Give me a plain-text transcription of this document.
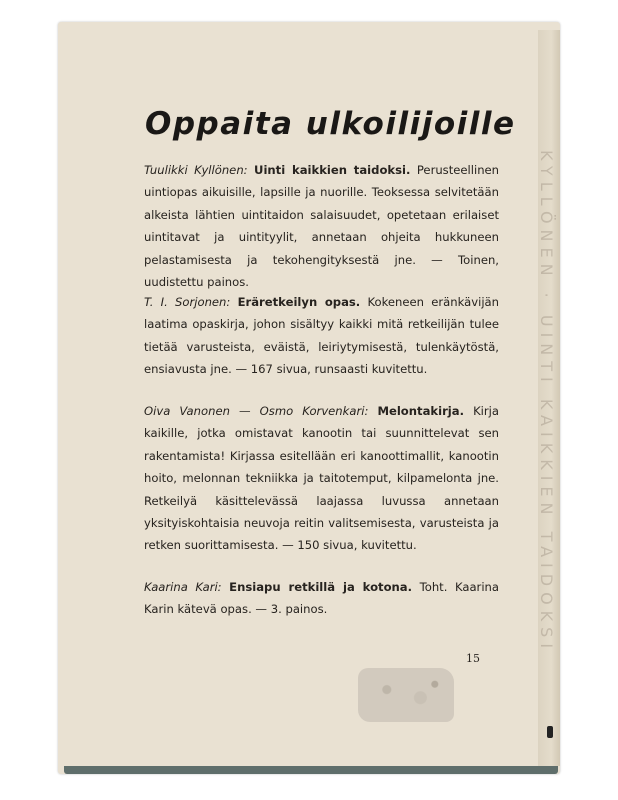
KYLLÖNEN · UINTI KAIKKIEN TAIDOKSI
Oppaita ulkoilijoille

Tuulikki Kyllönen: Uinti kaikkien taidoksi. Perusteellinen uintiopas aikuisille, lapsille ja nuorille. Teoksessa selvitetään alkeista lähtien uintitaidon salaisuudet, opetetaan erilaiset uintitavat ja uintityylit, annetaan ohjeita hukkuneen pelastamisesta ja tekohengityksestä jne. — Toinen, uudistettu painos.

T. I. Sorjonen: Eräretkeilyn opas. Kokeneen eränkävijän laatima opaskirja, johon sisältyy kaikki mitä retkeilijän tulee tietää varusteista, eväistä, leiriytymisestä, tulenkäytöstä, ensiavusta jne. — 167 sivua, runsaasti kuvitettu.

Oiva Vanonen — Osmo Korvenkari: Melontakirja. Kirja kaikille, jotka omistavat kanootin tai suunnittelevat sen rakentamista! Kirjassa esitellään eri kanoottimallit, kanootin hoito, melonnan tekniikka ja taitotemput, kilpamelonta jne. Retkeilyä käsittelevässä laajassa luvussa annetaan yksityiskohtaisia neuvoja reitin valitsemisesta, varusteista ja retken suorittamisesta. — 150 sivua, kuvitettu.

Kaarina Kari: Ensiapu retkillä ja kotona. Toht. Kaarina Karin kätevä opas. — 3. painos.

15
